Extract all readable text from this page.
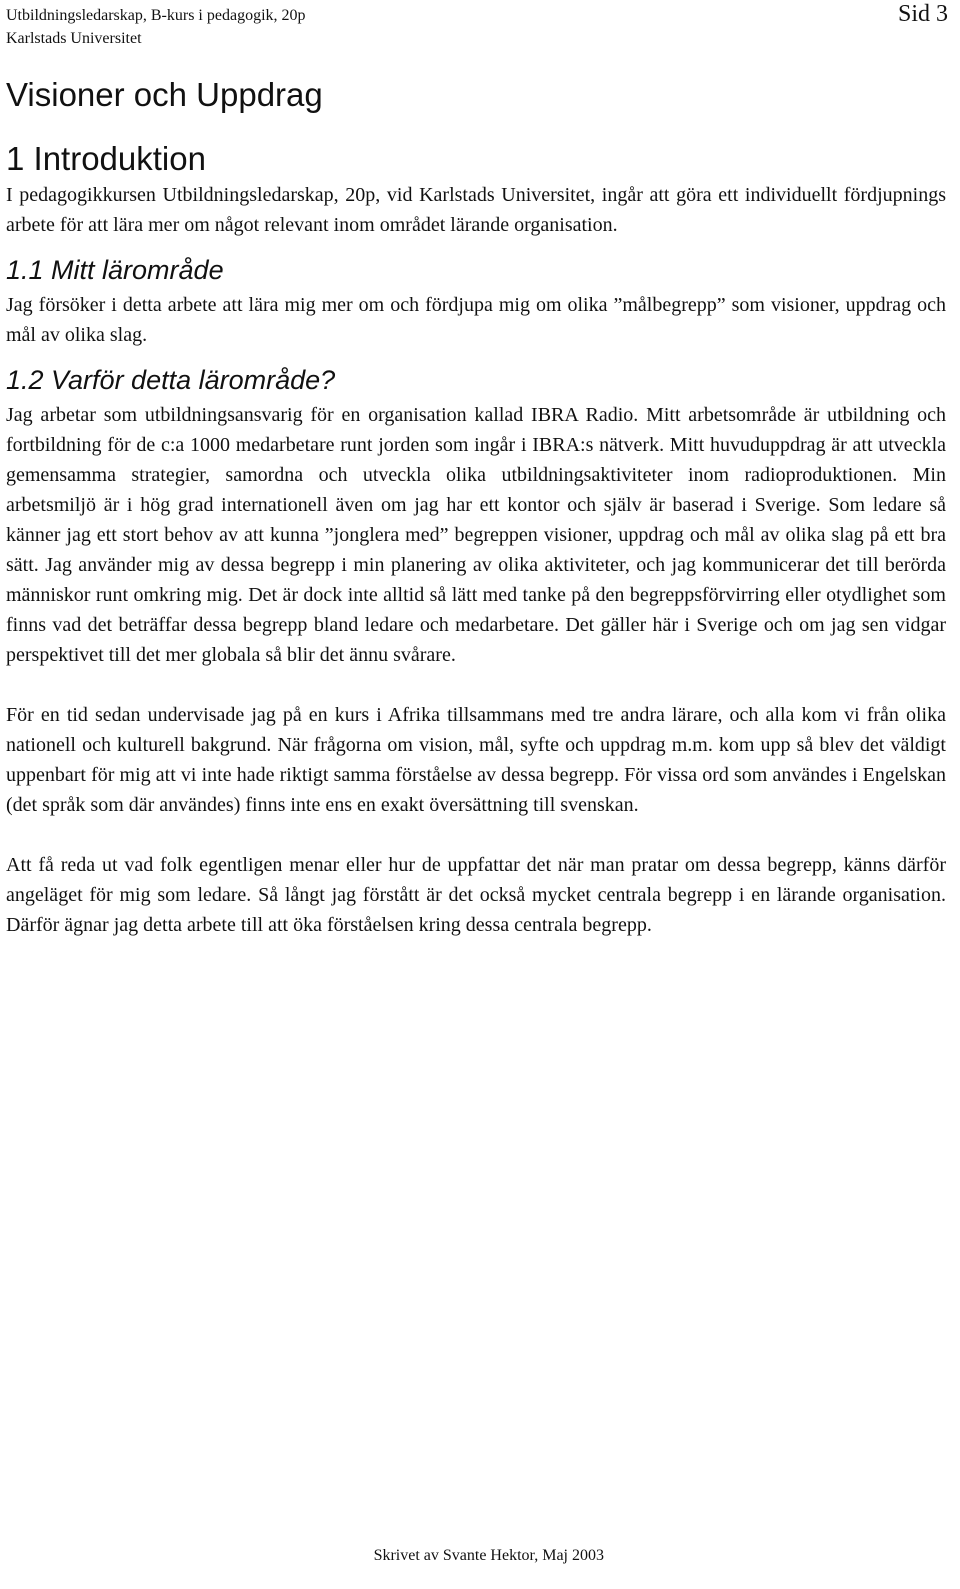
Utbildningsledarskap, B-kurs i pedagogik, 20p
Karlstads Universitet
Sid 3
Visioner och Uppdrag
1 Introduktion

I pedagogikkursen Utbildningsledarskap, 20p, vid Karlstads Universitet, ingår att göra ett individuellt fördjupnings arbete för att lära mer om något relevant inom området lärande organisation.

1.1 Mitt lärområde

Jag försöker i detta arbete att lära mig mer om och fördjupa mig om olika ”målbegrepp” som visioner, uppdrag och mål av olika slag.

1.2 Varför detta lärområde?

Jag arbetar som utbildningsansvarig för en organisation kallad IBRA Radio. Mitt arbetsområde är utbildning och fortbildning för de c:a 1000 medarbetare runt jorden som ingår i IBRA:s nätverk. Mitt huvuduppdrag är att utveckla gemensamma strategier, samordna och utveckla olika utbildningsaktiviteter inom radioproduktionen. Min arbetsmiljö är i hög grad internationell även om jag har ett kontor och själv är baserad i Sverige. Som ledare så känner jag ett stort behov av att kunna ”jonglera med” begreppen visioner, uppdrag och mål av olika slag på ett bra sätt. Jag använder mig av dessa begrepp i min planering av olika aktiviteter, och jag kommunicerar det till berörda människor runt omkring mig. Det är dock inte alltid så lätt med tanke på den begreppsförvirring eller otydlighet som finns vad det beträffar dessa begrepp bland ledare och medarbetare. Det gäller här i Sverige och om jag sen vidgar perspektivet till det mer globala så blir det ännu svårare.

För en tid sedan undervisade jag på en kurs i Afrika tillsammans med tre andra lärare, och alla kom vi från olika nationell och kulturell bakgrund. När frågorna om vision, mål, syfte och uppdrag m.m. kom upp så blev det väldigt uppenbart för mig att vi inte hade riktigt samma förståelse av dessa begrepp. För vissa ord som användes i Engelskan (det språk som där användes) finns inte ens en exakt översättning till svenskan.

Att få reda ut vad folk egentligen menar eller hur de uppfattar det när man pratar om dessa begrepp, känns därför angeläget för mig som ledare. Så långt jag förstått är det också mycket centrala begrepp i en lärande organisation. Därför ägnar jag detta arbete till att öka förståelsen kring dessa centrala begrepp.

Skrivet av Svante Hektor, Maj 2003
